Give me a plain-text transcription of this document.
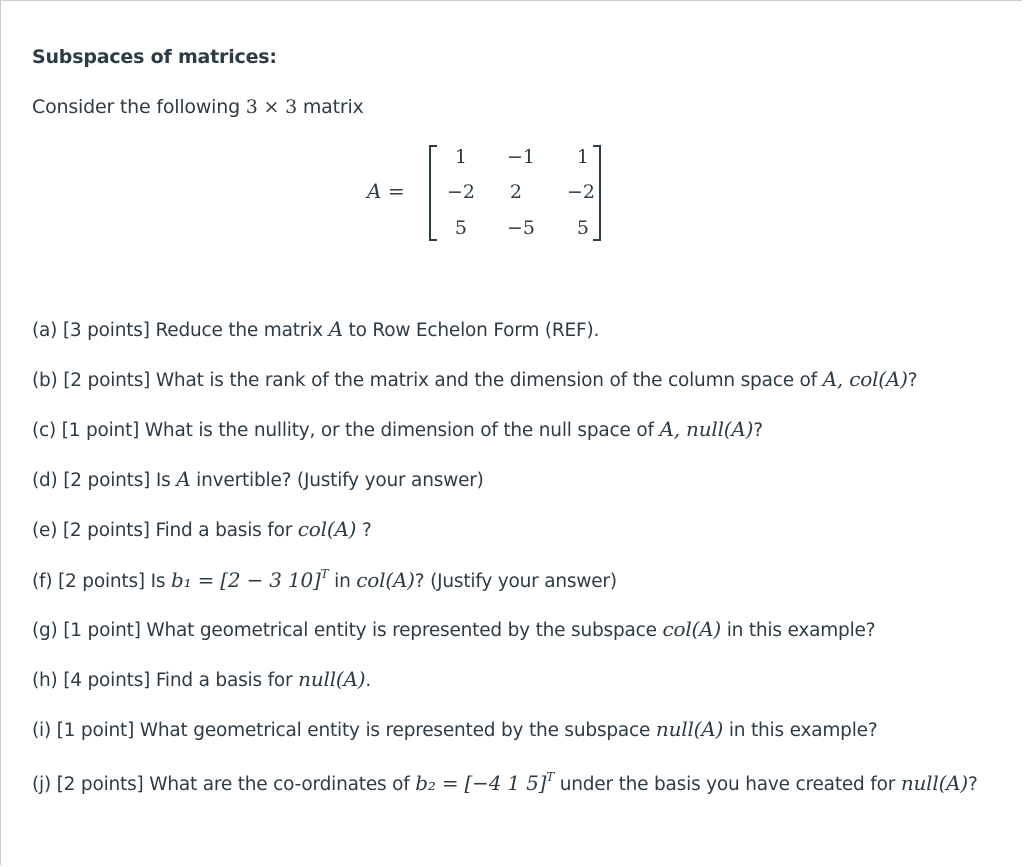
Subspaces of matrices:
Consider the following 3 × 3 matrix
A =
1	−1	1
−2	2	−2
5	−5	5
(a) [3 points] Reduce the matrix A to Row Echelon Form (REF).
(b) [2 points] What is the rank of the matrix and the dimension of the column space of A, col(A)?
(c) [1 point] What is the nullity, or the dimension of the null space of A, null(A)?
(d) [2 points] Is A invertible? (Justify your answer)
(e) [2 points] Find a basis for col(A) ?
(f) [2 points] Is b₁ = [2 − 3 10]$^T$ in col(A)? (Justify your answer)
(g) [1 point] What geometrical entity is represented by the subspace col(A) in this example?
(h) [4 points] Find a basis for null(A).
(i) [1 point] What geometrical entity is represented by the subspace null(A) in this example?
(j) [2 points] What are the co-ordinates of b₂ = [−4 1 5]$^T$ under the basis you have created for null(A)?
